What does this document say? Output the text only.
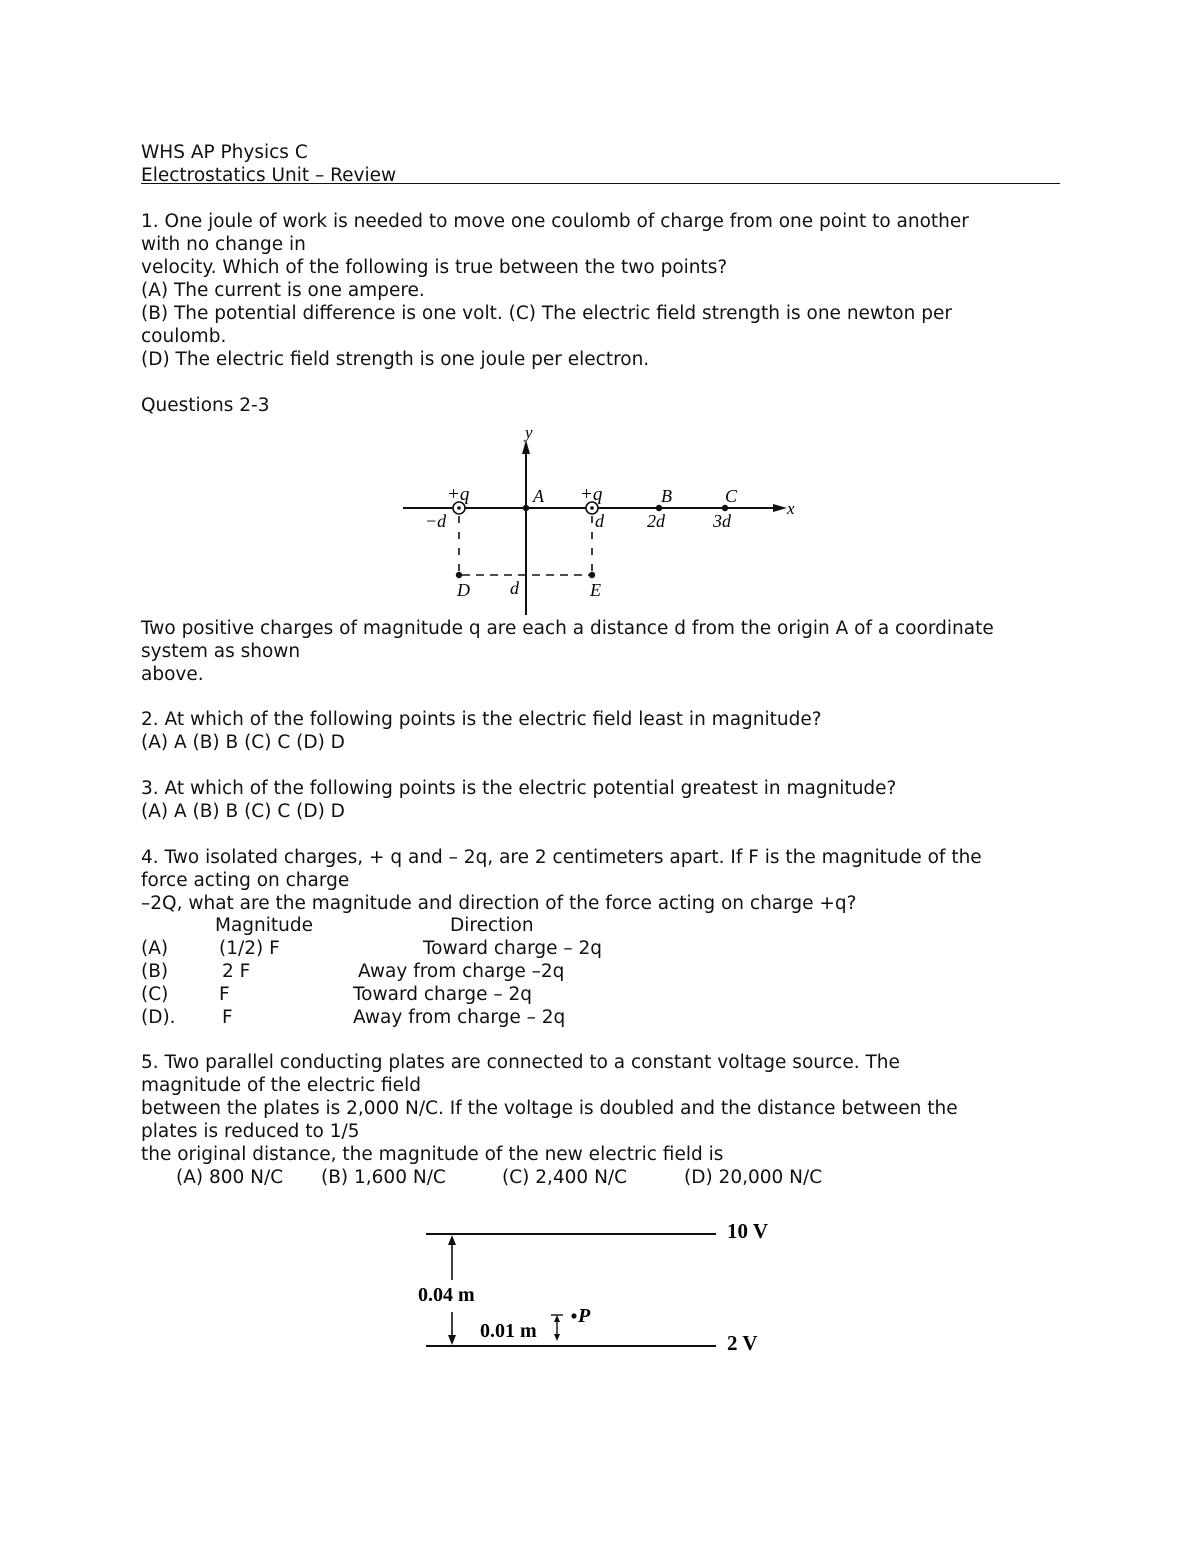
WHS AP Physics C
Electrostatics Unit – Review
1. One joule of work is needed to move one coulomb of charge from one point to another
with no change in
velocity. Which of the following is true between the two points?
(A) The current is one ampere.
(B) The potential difference is one volt. (C) The electric field strength is one newton per
coulomb.
(D) The electric field strength is one joule per electron.
Questions 2-3
y
x
+q	+q
A	B	C
−d	d 2d	3d
D	E
d
Two positive charges of magnitude q are each a distance d from the origin A of a coordinate
system as shown
above.
2. At which of the following points is the electric field least in magnitude?
(A) A (B) B (C) C (D) D
3. At which of the following points is the electric potential greatest in magnitude?
(A) A (B) B (C) C (D) D
4. Two isolated charges, + q and – 2q, are 2 centimeters apart. If F is the magnitude of the
force acting on charge
–2Q, what are the magnitude and direction of the force acting on charge +q?
Magnitude	Direction
(A)	(1/2) F	Toward charge – 2q
(B)	2 F	Away from charge –2q
(C)	F	Toward charge – 2q
(D).	F	Away from charge – 2q
5. Two parallel conducting plates are connected to a constant voltage source. The
magnitude of the electric field
between the plates is 2,000 N/C. If the voltage is doubled and the distance between the
plates is reduced to 1/5
the original distance, the magnitude of the new electric field is
(A) 800 N/C (B) 1,600 N/C	(C) 2,400 N/C	(D) 20,000 N/C
10 V
2 V
0.04 m
0.01 m
P
